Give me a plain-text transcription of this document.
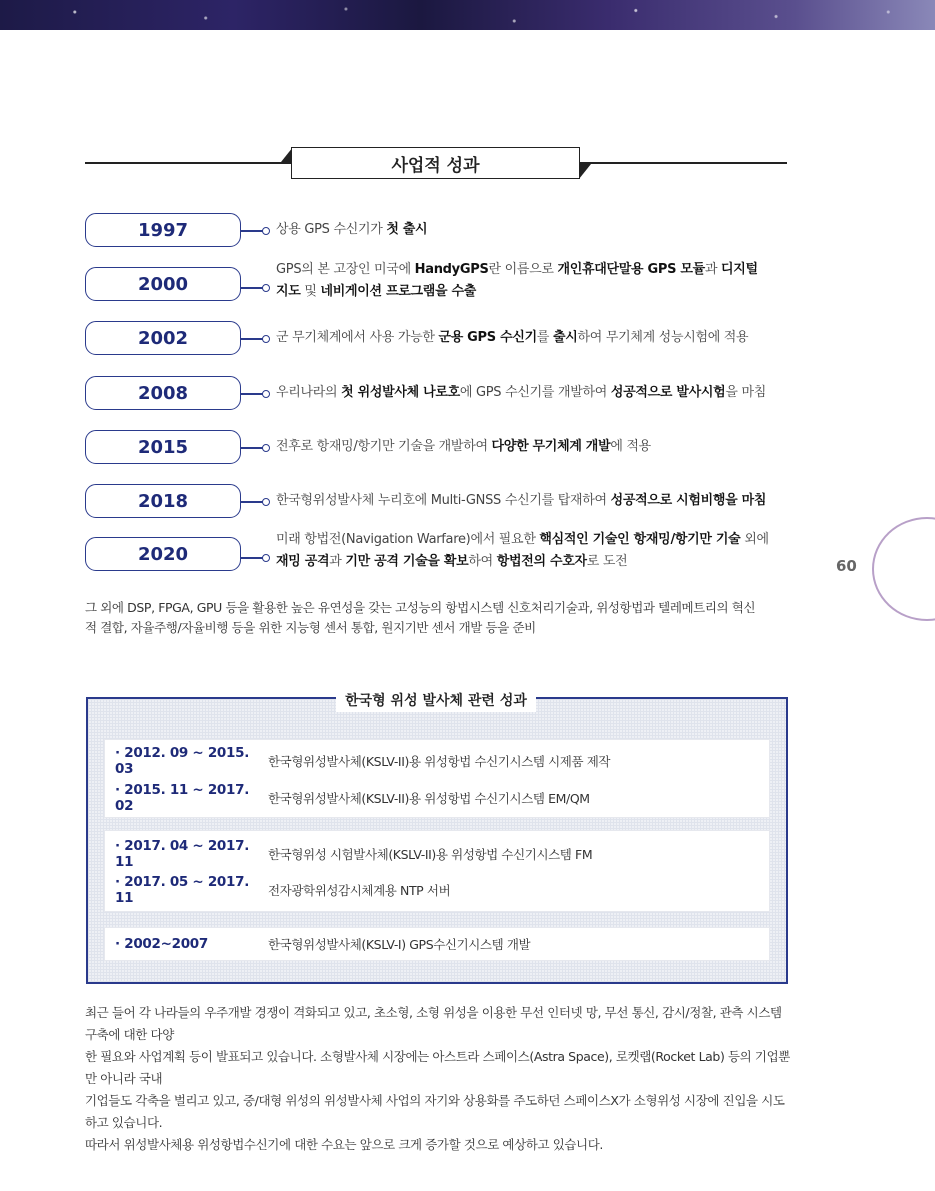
사업적 성과
1997	상용 GPS 수신기가 첫 출시
2000
GPS의 본 고장인 미국에 HandyGPS란 이름으로 개인휴대단말용 GPS 모듈과 디지털
지도 및 네비게이션 프로그램을 수출
2002	군 무기체계에서 사용 가능한 군용 GPS 수신기를 출시하여 무기체계 성능시험에 적용
2008	우리나라의 첫 위성발사체 나로호에 GPS 수신기를 개발하여 성공적으로 발사시험을 마침
2015	전후로 항재밍/항기만 기술을 개발하여 다양한 무기체계 개발에 적용
2018	한국형위성발사체 누리호에 Multi-GNSS 수신기를 탑재하여 성공적으로 시험비행을 마침
2020
미래 항법전(Navigation Warfare)에서 필요한 핵심적인 기술인 항재밍/항기만 기술 외에
재밍 공격과 기만 공격 기술을 확보하여 항법전의 수호자로 도전
그 외에 DSP, FPGA, GPU 등을 활용한 높은 유연성을 갖는 고성능의 항법시스템 신호처리기술과, 위성항법과 텔레메트리의 혁신
적 결합, 자율주행/자율비행 등을 위한 지능형 센서 통합, 원지기반 센서 개발 등을 준비
60
한국형 위성 발사체 관련 성과
· 2012. 09 ~ 2015. 03	한국형위성발사체(KSLV-II)용 위성항법 수신기시스템 시제품 제작
· 2015. 11 ~ 2017. 02	한국형위성발사체(KSLV-II)용 위성항법 수신기시스템 EM/QM
· 2017. 04 ~ 2017. 11	한국형위성 시험발사체(KSLV-II)용 위성항법 수신기시스템 FM
· 2017. 05 ~ 2017. 11	전자광학위성감시체계용 NTP 서버
· 2002~2007	한국형위성발사체(KSLV-I) GPS수신기시스템 개발
최근 들어 각 나라들의 우주개발 경쟁이 격화되고 있고, 초소형, 소형 위성을 이용한 무선 인터넷 망, 무선 통신, 감시/정찰, 관측 시스템 구축에 대한 다양
한 필요와 사업계획 등이 발표되고 있습니다. 소형발사체 시장에는 아스트라 스페이스(Astra Space), 로켓랩(Rocket Lab) 등의 기업뿐만 아니라 국내
기업들도 각축을 벌리고 있고, 중/대형 위성의 위성발사체 사업의 자기와 상용화를 주도하던 스페이스X가 소형위성 시장에 진입을 시도하고 있습니다.
따라서 위성발사체용 위성항법수신기에 대한 수요는 앞으로 크게 증가할 것으로 예상하고 있습니다.
